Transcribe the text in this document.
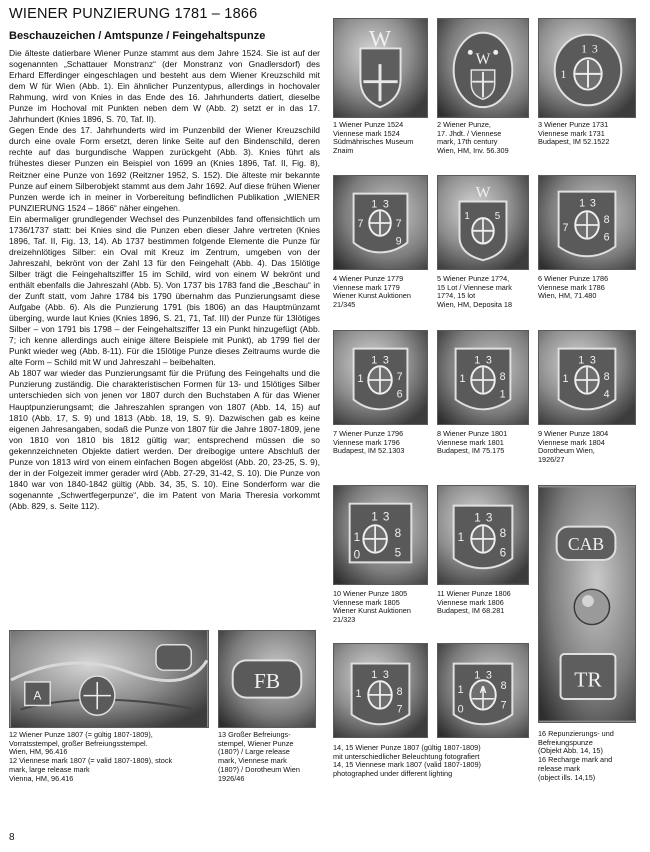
WIENER PUNZIERUNG 1781 – 1866
Beschauzeichen / Amtspunze / Feingehaltspunze

Die älteste datierbare Wiener Punze stammt aus dem Jahre 1524. Sie ist auf der sogenannten „Schattauer Monstranz“ (der Monstranz von Gnadlersdorf) des Erhard Efferdinger eingeschlagen und besteht aus dem Wiener Kreuzschild mit dem W für Wien (Abb. 1). Ein ähnlicher Punzentypus, allerdings in hochovaler Rahmung, wird von Knies in das Ende des 16. Jahrhunderts datiert, dieselbe Punze im Hochoval mit Punkten neben dem W (Abb. 2) setzt er in das 17. Jahrhundert (Knies 1896, S. 70, Taf. II).

Gegen Ende des 17. Jahrhunderts wird im Punzenbild der Wiener Kreuzschild durch eine ovale Form ersetzt, deren linke Seite auf den Bindenschild, deren rechte auf das burgundische Wappen zurückgeht (Abb. 3). Knies führt als frühestes dieser Punzen ein Beispiel von 1699 an (Knies 1896, Taf. II, Fig. 8), Reitzner eine Punze von 1692 (Reitzner 1952, S. 152). Die älteste mir bekannte Punze auf einem Silberobjekt stammt aus dem Jahr 1692. Auf diese frühen Wiener Punzen werde ich in meiner in Vorbereitung befindlichen Publikation „WIENER PUNZIERUNG 1524 – 1866“ näher eingehen.

Ein abermaliger grundlegender Wechsel des Punzenbildes fand offensichtlich um 1736/1737 statt: bei Knies sind die Punzen eben dieser Jahre vertreten (Knies 1896, Taf. II, Fig. 13, 14). Ab 1737 bestimmen folgende Elemente die Punze für dreizehnlötiges Silber: ein Oval mit Kreuz im Zentrum, umgeben von der Jahreszahl, bekrönt von der Zahl 13 für den Feingehalt (Abb. 4). Das 15lötige Silber trägt die Feingehaltsziffer 15 im Schild, wird von einem W bekrönt und enthält ebenfalls die Jahreszahl (Abb. 5). Von 1737 bis 1783 fand die „Beschau“ in der Zunft statt, vom Jahre 1784 bis 1790 übernahm das Punzierungsamt diese Aufgabe (Abb. 6). Als die Punzierung 1791 (bis 1806) an das Hauptmünzamt überging, wurde laut Knies (Knies 1896, S. 21, 71, Taf. III) der Punze für 13lötiges Silber – von 1791 bis 1798 – der Feingehaltsziffer 13 ein Punkt hinzugefügt (Abb. 7; ich kenne allerdings auch einige ältere Beispiele mit Punkt), ab 1799 fiel der Punkt wieder weg (Abb. 8-11). Für die 15lötige Punze dieses Zeitraums wurde die alte Form – Schild mit W und Jahreszahl – beibehalten.

Ab 1807 war wieder das Punzierungsamt für die Prüfung des Feingehalts und die Punzierung zuständig. Die charakteristischen Formen für 13- und 15lötiges Silber unterschieden sich von jenen vor 1807 durch den Buchstaben A für das Wiener Hauptpunzierungsamt; die Jahreszahlen sprangen von 1807 (Abb. 14, 15) auf 1810 (Abb. 17, S. 9) und 1813 (Abb. 18, 19, S. 9). Dazwischen gab es keine eigenen Jahresangaben, sodaß die Punze von 1807 für die Jahre 1807-1809, jene von 1810 von 1810 bis 1812 gültig war; entsprechend müssen die so gekennzeichneten Objekte datiert werden. Der dreibogige untere Abschluß der Punze von 1813 wird von einem einfachen Bogen abgelöst (Abb. 20, 23-25, S. 9), der in der Folgezeit immer gerader wird (Abb. 27-29, 31-42, S. 10). Die Punze von 1840 war von 1840-1842 gültig (Abb. 34, 35, S. 10). Eine Sonderform war die sogenannte „Schwertfegerpunze“, die im Patent von Maria Theresia vorkommt (Abb. 829, s. Seite 112).

W
W
1 3
1
1 Wiener Punze 1524
Viennese mark 1524
Südmährisches Museum
Znaim
2 Wiener Punze,
17. Jhdt. / Viennese
mark, 17th century
Wien, HM, Inv. 56.309
3 Wiener Punze 1731
Viennese mark 1731
Budapest, IM 52.1522
1 3
7	7
9
W
1 5
1 3
7
8
6
4 Wiener Punze 1779
Viennese mark 1779
Wiener Kunst Auktionen
21/345
5 Wiener Punze 17?4,
15 Lot / Viennese mark
17?4, 15 lot
Wien, HM, Deposita 18
6 Wiener Punze 1786
Viennese mark 1786
Wien, HM, 71.480
1 3
1	7
6
1 3
1	8
1
1 3
1	8
4
7 Wiener Punze 1796
Viennese mark 1796
Budapest, IM 52.1303
8 Wiener Punze 1801
Viennese mark 1801
Budapest, IM 75.175
9 Wiener Punze 1804
Viennese mark 1804
Dorotheum Wien,
1926/27
1 3
1	8
0	5
1 3
1	8
6
10 Wiener Punze 1805
Viennese mark 1805
Wiener Kunst Auktionen
21/323
11 Wiener Punze 1806
Viennese mark 1806
Budapest, IM 68.281
CAB
TR
A
FB	1 3
1	8
7
A
1 3
1	8
0	7
12 Wiener Punze 1807 (= gültig 1807-1809),
Vorratsstempel, großer Befreiungsstempel.
Wien, HM, 96.416
12 Viennese mark 1807 (= valid 1807-1809), stock
mark, large release mark
Vienna, HM, 96.416
13 Großer Befreiungs-
stempel, Wiener Punze
(180?) / Large release
mark, Viennese mark
(180?) / Dorotheum Wien
1926/46
14, 15 Wiener Punze 1807 (gültig 1807-1809)
mit unterschiedlicher Beleuchtung fotografiert
14, 15 Viennese mark 1807 (valid 1807-1809)
photographed under different lighting
16 Repunzierungs- und
Befreiungspunze
(Objekt Abb. 14, 15)
16 Recharge mark and
release mark
(object ills. 14,15)
8
